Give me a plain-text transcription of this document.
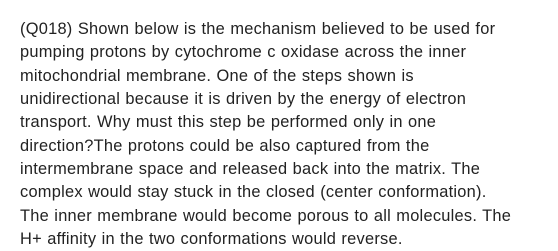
(Q018) Shown below is the mechanism believed to be used for
pumping protons by cytochrome c oxidase across the inner
mitochondrial membrane. One of the steps shown is
unidirectional because it is driven by the energy of electron
transport. Why must this step be performed only in one
direction?The protons could be also captured from the
intermembrane space and released back into the matrix. The
complex would stay stuck in the closed (center conformation).
The inner membrane would become porous to all molecules. The
H+ affinity in the two conformations would reverse.
